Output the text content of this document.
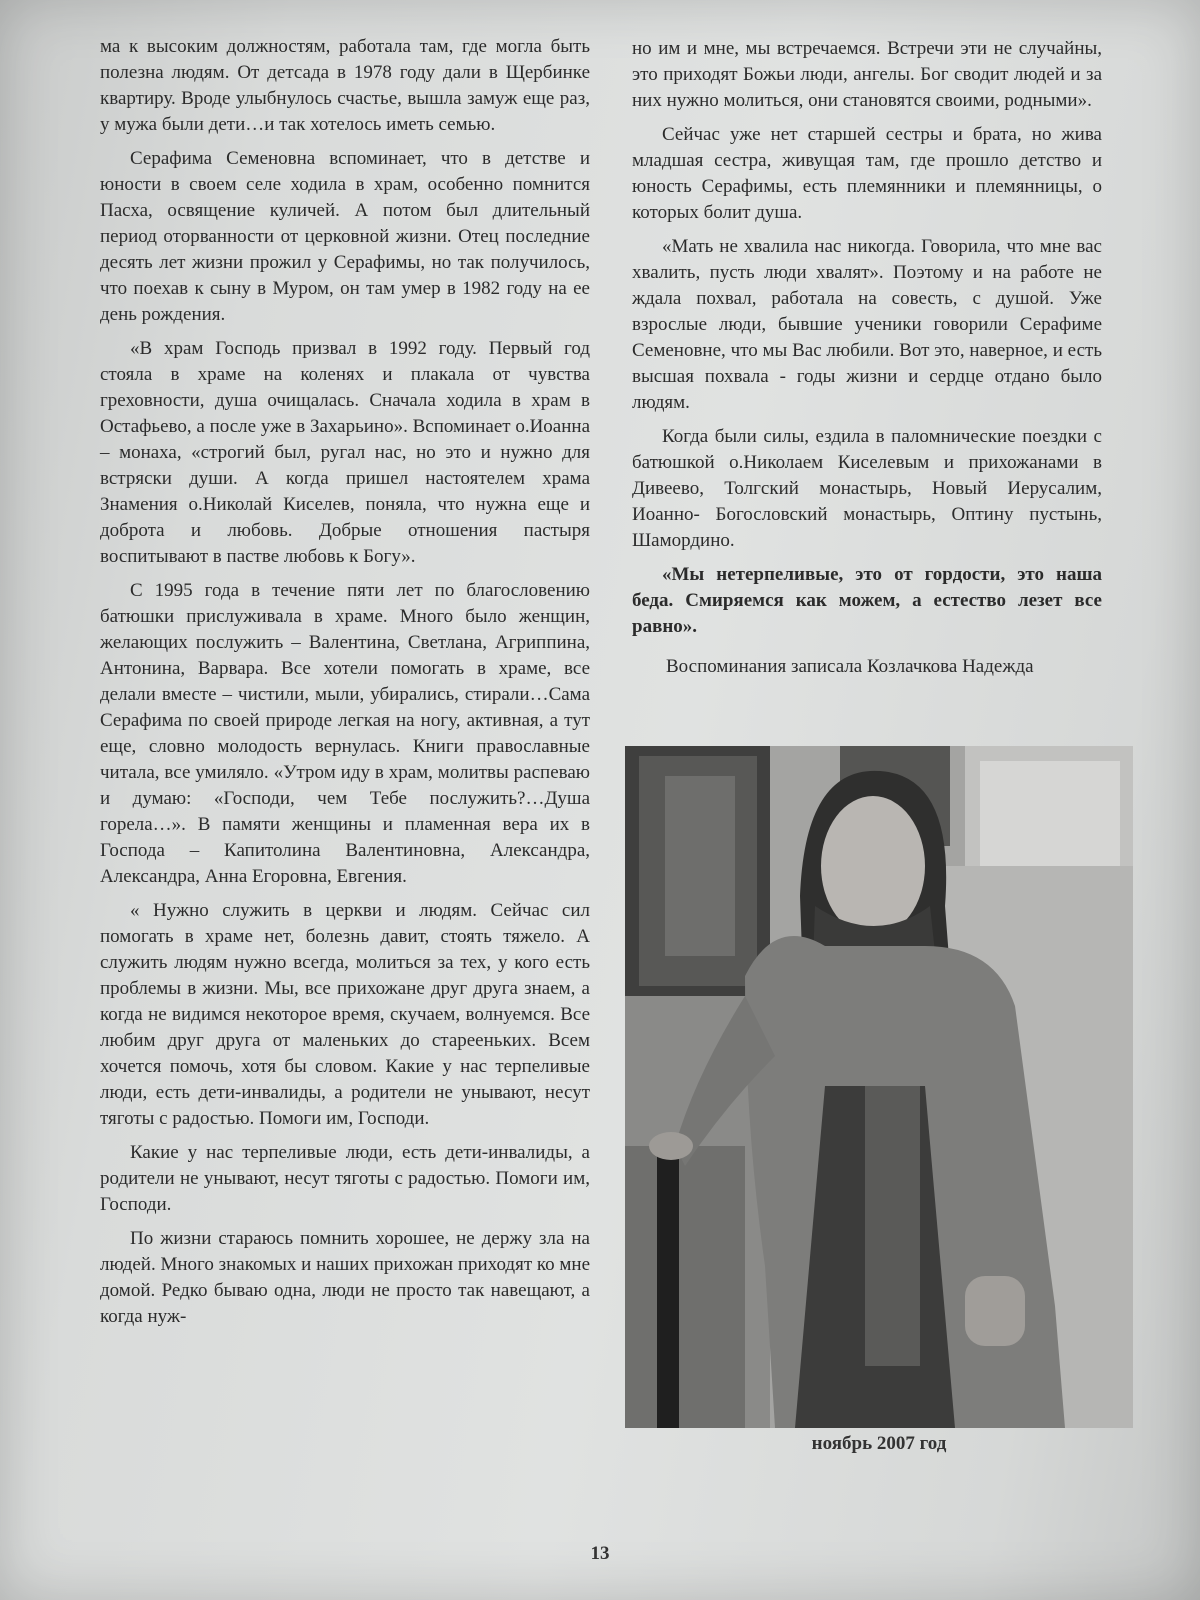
ма к высоким должностям, работала там, где могла быть полезна людям. От детсада в 1978 году дали в Щербинке квартиру. Вроде улыбнулось счастье, вышла замуж еще раз, у мужа были дети…и так хотелось иметь семью.

Серафима Семеновна вспоминает, что в детстве и юности в своем селе ходила в храм, особенно помнится Пасха, освящение куличей. А потом был длительный период оторванности от церковной жизни. Отец последние десять лет жизни прожил у Серафимы, но так получилось, что поехав к сыну в Муром, он там умер в 1982 году на ее день рождения.

«В храм Господь призвал в 1992 году. Первый год стояла в храме на коленях и плакала от чувства греховности, душа очищалась. Сначала ходила в храм в Остафьево, а после уже в Захарьино». Вспоминает о.Иоанна – монаха, «строгий был, ругал нас, но это и нужно для встряски души. А когда пришел настоятелем храма Знамения о.Николай Киселев, поняла, что нужна еще и доброта и любовь. Добрые отношения пастыря воспитывают в пастве любовь к Богу».

С 1995 года в течение пяти лет по благословению батюшки прислуживала в храме. Много было женщин, желающих послужить – Валентина, Светлана, Агриппина, Антонина, Варвара. Все хотели помогать в храме, все делали вместе – чистили, мыли, убирались, стирали…Сама Серафима по своей природе легкая на ногу, активная, а тут еще, словно молодость вернулась. Книги православные читала, все умиляло. «Утром иду в храм, молитвы распеваю и думаю: «Господи, чем Тебе послужить?…Душа горела…». В памяти женщины и пламенная вера их в Господа – Капитолина Валентиновна, Александра, Александра, Анна Егоровна, Евгения.

« Нужно служить в церкви и людям. Сейчас сил помогать в храме нет, болезнь давит, стоять тяжело. А служить людям нужно всегда, молиться за тех, у кого есть проблемы в жизни. Мы, все прихожане друг друга знаем, а когда не видимся некоторое время, скучаем, волнуемся. Все любим друг друга от маленьких до старееньких. Всем хочется помочь, хотя бы словом. Какие у нас терпеливые люди, есть дети-инвалиды, а родители не унывают, несут тяготы с радостью. Помоги им, Господи.

Какие у нас терпеливые люди, есть дети-инвалиды, а родители не унывают, несут тяготы с радостью. Помоги им, Господи.

По жизни стараюсь помнить хорошее, не держу зла на людей. Много знакомых и наших прихожан приходят ко мне домой. Редко бываю одна, люди не просто так навещают, а когда нуж-

но им и мне, мы встречаемся. Встречи эти не случайны, это приходят Божьи люди, ангелы. Бог сводит людей и за них нужно молиться, они становятся своими, родными».

Сейчас уже нет старшей сестры и брата, но жива младшая сестра, живущая там, где прошло детство и юность Серафимы, есть племянники и племянницы, о которых болит душа.

«Мать не хвалила нас никогда. Говорила, что мне вас хвалить, пусть люди хвалят». Поэтому и на работе не ждала похвал, работала на совесть, с душой. Уже взрослые люди, бывшие ученики говорили Серафиме Семеновне, что мы Вас любили. Вот это, наверное, и есть высшая похвала - годы жизни и сердце отдано было людям.

Когда были силы, ездила в паломнические поездки с батюшкой о.Николаем Киселевым и прихожанами в Дивеево, Толгский монастырь, Новый Иерусалим, Иоанно- Богословский монастырь, Оптину пустынь, Шамордино.

«Мы нетерпеливые, это от гордости, это наша беда. Смиряемся как можем, а естество лезет все равно».

Воспоминания записала Козлачкова Надежда

ноябрь 2007 год
13
